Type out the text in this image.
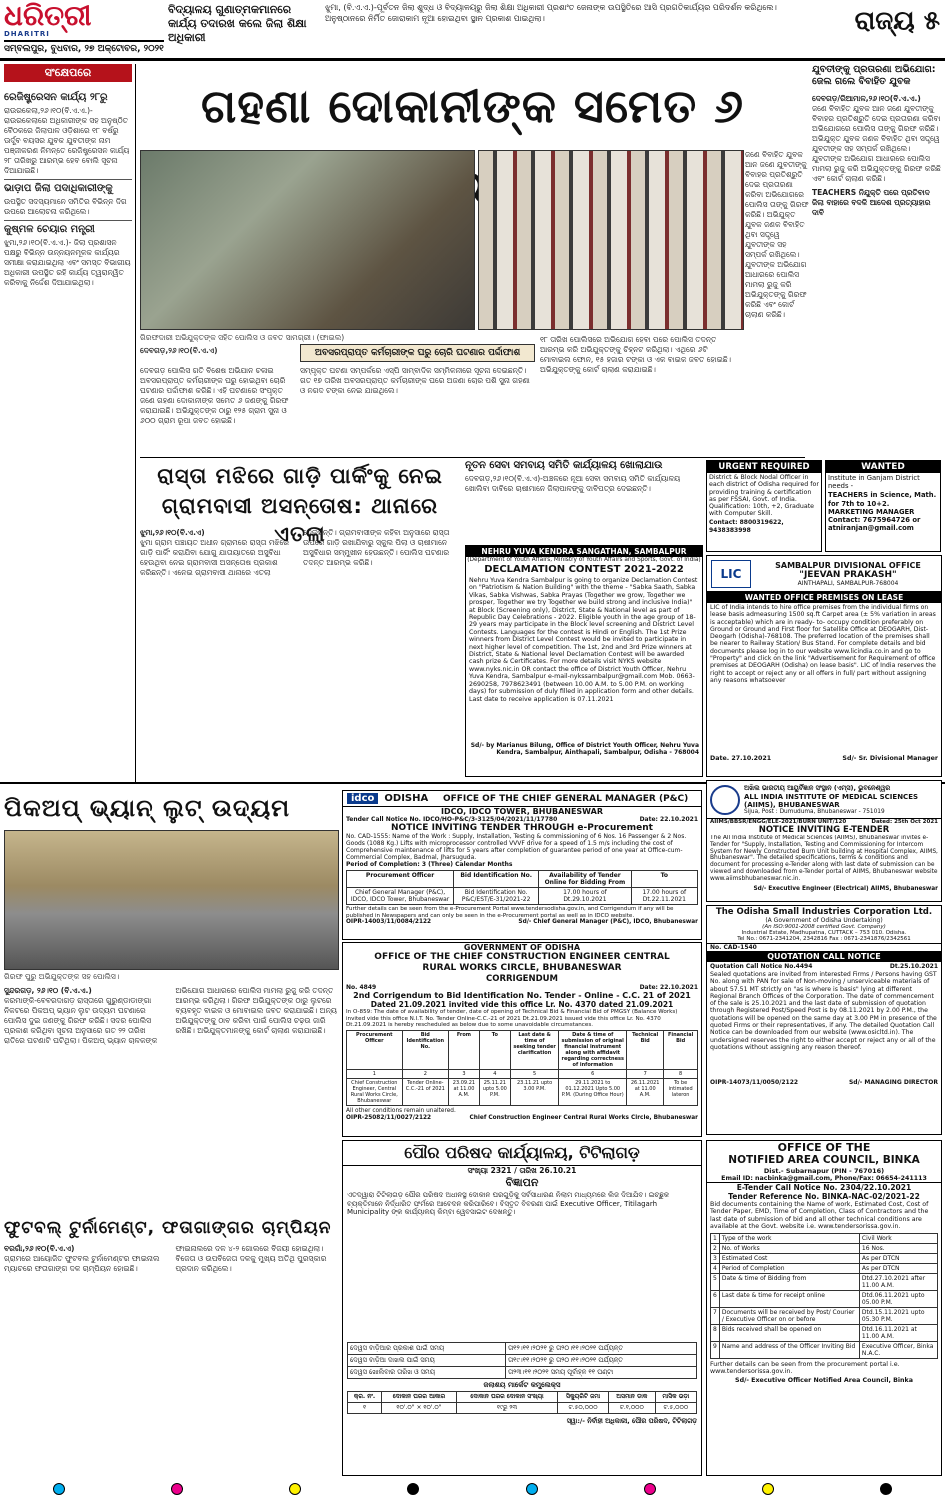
ଧରିତ୍ରୀ
DHARITRI
ସମ୍ବଲପୁର, ବୁଧବାର, ୨୭ ଅକ୍ଟୋବର, ୨୦୨୧
ବିଦ୍ୟାଳୟ ଗୁଣାତ୍ମକମାନରେ କାର୍ଯ୍ୟ ତଦାରଖ କଲେ ଜିଲା ଶିକ୍ଷା ଅଧିକାରୀ
ଝୁମା, (ବି.ଏ.ଏ.)-ପୂର୍ବତନ ଜିଲା ଶୁଦ୍ଧ ଓ ବିଦ୍ୟାଳୟରୁ ଜିଲା ଶିକ୍ଷା ଅଧିକାରୀ ପ୍ରଶାଂତ ଜେନାଙ୍କ ଉପସ୍ଥିତିରେ ଆସି ପ୍ରଗତିକାର୍ଯ୍ୟର ପରିଦର୍ଶନ କରିଥିଲେ। ଅନୁଷ୍ଠାନରେ ନିର୍ମିତ ଜୋରାକାମ ନୂଆ ହୋଇଥିବା ସ୍ଥାନ ପ୍ରକାଶ ପାଇଥିଲା।	ରାଜ୍ୟ ୫
ସଂକ୍ଷେପରେ
ରେଜିଷ୍ଟ୍ରେସନ କାର୍ଯ୍ୟ ୨୮ରୁ
ରାଉରକେଲା,୨୬।୧୦(ବି.ଏ.ଏ.)- ରାଉରକେଲାରେ ଅଧିକାରୀଙ୍କ ସହ ଅନୁଷ୍ଠିତ ବୈଠକରେ ଜିଲାପାଳ ଓଡ଼ିଶାରେ ୧୮ ବର୍ଷରୁ ଊର୍ଦ୍ଧ୍ବ ବୟସର ଯୁବକ ଯୁବତୀଙ୍କ ନାମ ପଞ୍ଜୀକରଣ ନିମନ୍ତେ ରେଜିଷ୍ଟ୍ରେସନ କାର୍ଯ୍ୟ ୨୮ ତାରିଖରୁ ଆରମ୍ଭ ହେବ ବୋଲି ସୂଚନା ଦିଆଯାଇଛି।
ଭାଡ଼ାପ ଜିଲା ପଦାଧିକାରୀଙ୍କୁ
ଉପସ୍ଥିତ ସଦସ୍ୟମାନେ ସମିତିର ବିଭିନ୍ନ ଦିଗ ଉପରେ ଆଲୋଚନା କରିଥିଲେ।
କୁଷ୍ମଳ ଚେୟାର ମନ୍ତ୍ରୀ
ଝୁମା,୨୬।୧୦(ବି.ଏ.ଏ.)- ଜିଲା ପ୍ରଶାସନ ପକ୍ଷରୁ ବିଭିନ୍ନ ଉନ୍ନୟନମୂଳକ କାର୍ଯ୍ୟର ସମୀକ୍ଷା କରାଯାଇଥିଲା ଏବଂ ସମସ୍ତ ବିଭାଗୀୟ ଅଧିକାରୀ ଉପସ୍ଥିତ ରହି କାର୍ଯ୍ୟ ତ୍ୱରାନ୍ୱିତ କରିବାକୁ ନିର୍ଦ୍ଦେଶ ଦିଆଯାଇଥିଲା।
ଗହଣା ଦୋକାନୀଙ୍କ ସମେତ ୬
ଗିରଫଦାରୀ ଅଭିଯୁକ୍ତଙ୍କ ସହିତ ପୋଲିସ ଓ ଜବତ ସାମଗ୍ରୀ। (ଫାଇଲ)
ଦେବଗଡ଼,୨୬।୧୦(ବି.ଏ.ଏ)	ଅବସରପ୍ରାପ୍ତ କର୍ମଚାରୀଙ୍କ ଘରୁ ଚୋରି ଘଟଣାର ପର୍ଦ୍ଦାଫାଶ
ଦେବଗଡ଼ ପୋଲିସ ଗତି ବିଶେଷ ଅଭିଯାନ ଚଳାଇ ଅବସରପ୍ରାପ୍ତ କର୍ମଚାରୀଙ୍କ ଘରୁ ହୋଇଥିବା ଚୋରି ଘଟଣାର ପର୍ଦ୍ଦାଫାଶ କରିଛି। ଏହି ଘଟଣାରେ ସଂପୃକ୍ତ ଜଣେ ଗହଣା ଦୋକାନୀଙ୍କ ସମେତ ୬ ଜଣଙ୍କୁ ଗିରଫ କରାଯାଇଛି। ଅଭିଯୁକ୍ତଙ୍କ ଠାରୁ ୧୨୫ ଗ୍ରାମ ସୁନା ଓ ୬୦୦ ଗ୍ରାମ ରୂପା ଜବତ ହୋଇଛି।
ସମ୍ପୃକ୍ତ ଘଟଣା ସମ୍ପର୍କରେ ଏସ୍‌ପି ସାମ୍ବାଦିକ ସମ୍ମିଳନୀରେ ସୂଚନା ଦେଇଛନ୍ତି। ଗତ ୧୭ ତାରିଖ ଅବସରପ୍ରାପ୍ତ କର୍ମଚାରୀଙ୍କ ଘରେ ଅଜଣା ଚୋର ପଶି ସୁନା ଗହଣା ଓ ନଗଦ ଟଙ୍କା ନେଇ ଯାଇଥିଲେ।
୧୮ ତାରିଖ ପୋଲିସରେ ଅଭିଯୋଗ ହେବା ପରେ ପୋଲିସ ତଦନ୍ତ ଆରମ୍ଭ କରି ଅଭିଯୁକ୍ତଙ୍କୁ ଚିହ୍ନଟ କରିଥିଲା। ଏଥିରେ ୬ଟି ମୋବାଇଲ ଫୋନ, ୧୫ ହଜାର ଟଙ୍କା ଓ ଏକ ବାଇକ ଜବତ ହୋଇଛି। ଅଭିଯୁକ୍ତଙ୍କୁ କୋର୍ଟ ଚାଲାଣ କରାଯାଇଛି।
ଯୁବତୀଙ୍କୁ ପ୍ରତାରଣା ଅଭିଯୋଗ: ଜେଲ ଗଲେ ବିବାହିତ ଯୁବକ
ଦେବଗଡ଼/ରିଆମାଳ,୨୬।୧୦(ବି.ଏ.ଏ.)
ଜଣେ ବିବାହିତ ଯୁବକ ଆନ ଜଣେ ଯୁବତୀଙ୍କୁ ବିବାହର ପ୍ରତିଶ୍ରୁତି ଦେଇ ପ୍ରତାରଣା କରିବା ଅଭିଯୋଗରେ ପୋଲିସ ତାଙ୍କୁ ଗିରଫ କରିଛି। ଅଭିଯୁକ୍ତ ଯୁବକ ଜଣକ ବିବାହିତ ଥିବା ସତ୍ତ୍ୱେ ଯୁବତୀଙ୍କ ସହ ସମ୍ପର୍କ ରଖିଥିଲେ। ଯୁବତୀଙ୍କ ଅଭିଯୋଗ ଆଧାରରେ ପୋଲିସ ମାମଲା ରୁଜୁ କରି ଅଭିଯୁକ୍ତଙ୍କୁ ଗିରଫ କରିଛି ଏବଂ କୋର୍ଟ ଚାଲାଣ କରିଛି।
TEACHERS ନିଯୁକ୍ତି ପରେ ପ୍ରତିବାଦ
ଜିଲା ବାହାରେ ବଦଳି ଆଦେଶ ପ୍ରତ୍ୟାହାର ଦାବି
ଜଣେ ବିବାହିତ ଯୁବକ ଆନ ଜଣେ ଯୁବତୀଙ୍କୁ ବିବାହର ପ୍ରତିଶ୍ରୁତି ଦେଇ ପ୍ରତାରଣା କରିବା ଅଭିଯୋଗରେ ପୋଲିସ ତାଙ୍କୁ ଗିରଫ କରିଛି। ଅଭିଯୁକ୍ତ ଯୁବକ ଜଣକ ବିବାହିତ ଥିବା ସତ୍ତ୍ୱେ ଯୁବତୀଙ୍କ ସହ ସମ୍ପର୍କ ରଖିଥିଲେ। ଯୁବତୀଙ୍କ ଅଭିଯୋଗ ଆଧାରରେ ପୋଲିସ ମାମଲା ରୁଜୁ କରି ଅଭିଯୁକ୍ତଙ୍କୁ ଗିରଫ କରିଛି ଏବଂ କୋର୍ଟ ଚାଲାଣ କରିଛି।
ରାସ୍ତା ମଝିରେ ଗାଡ଼ି ପାର୍କିଂକୁ ନେଇ
ଗ୍ରାମବାସୀ ଅସନ୍ତୋଷ: ଥାନାରେ ଏତଲା
ଝୁମା,୨୬।୧୦(ବି.ଏ.ଏ)
ଝୁମା ଗ୍ରାମ ପଞ୍ଚାୟତ ଅଧୀନ ଗ୍ରାମରେ ରାସ୍ତା ମଝିରେ ଗାଡ଼ି ପାର୍କିଂ କରାଯିବା ଯୋଗୁ ଯାତାୟାତରେ ଅସୁବିଧା ହେଉଥିବା ନେଇ ଗ୍ରାମବାସୀ ଅସନ୍ତୋଷ ପ୍ରକାଶ କରିଛନ୍ତି। ଏନେଇ ଗ୍ରାମବାସୀ ଥାନାରେ ଏତଲା ଦେଇଛନ୍ତି। ଗ୍ରାମବାସୀଙ୍କ କହିବା ଅନୁସାରେ ରାସ୍ତା ଉପରେ ଗାଡ଼ି ରଖାଯିବାରୁ ସ୍କୁଲ ପିଲା ଓ ଚାଷୀମାନେ ଅସୁବିଧାର ସମ୍ମୁଖୀନ ହେଉଛନ୍ତି। ପୋଲିସ ଘଟଣାର ତଦନ୍ତ ଆରମ୍ଭ କରିଛି।
ନୂତନ ସେବା ସମବାୟ ସମିତି କାର୍ଯ୍ୟାଳୟ ଖୋଲାଯାଉ
ଦେବଗଡ଼,୨୬।୧୦(ବି.ଏ.ଏ)-ଅଞ୍ଚଳରେ ନୂଆ ସେବା ସମବାୟ ସମିତି କାର୍ଯ୍ୟାଳୟ ଖୋଲିବା ଦାବିରେ ଚାଷୀମାନେ ଜିଲାପାଳଙ୍କୁ ଦାବିପତ୍ର ଦେଇଛନ୍ତି।
URGENT REQUIRED
District & Block Nodal Officer in each district of Odisha required for providing training & certification as per FSSAI, Govt. of India. Qualification: 10th, +2, Graduate with Computer Skill.
Contact: 8800319622, 9438383998
WANTED
Institute in Ganjam District needs -
TEACHERS in Science, Math. for 7th to 10+2.
MARKETING MANAGER
Contact: 7675964726 or atniranjan@gmail.com
NEHRU YUVA KENDRA SANGATHAN, SAMBALPUR
(Department of Youth Affairs, Ministry of Youth Affairs and Sports, Govt. of India)
DECLAMATION CONTEST 2021-2022
Nehru Yuva Kendra Sambalpur is going to organize Declamation Contest on "Patriotism & Nation Building" with the theme - "Sabka Saath, Sabka Vikas, Sabka Vishwas, Sabka Prayas (Together we grow, Together we prosper, Together we try Together we build strong and inclusive India)" at Block (Screening only), District, State & National level as part of Republic Day Celebrations - 2022. Eligible youth in the age group of 18-29 years may participate in the Block level screening and District Level Contests. Languages for the contest is Hindi or English. The 1st Prize winners from District Level Contest would be invited to participate in next higher level of competition. The 1st, 2nd and 3rd Prize winners at District, State & National level Declamation Contest will be awarded cash prize & Certificates. For more details visit NYKS website www.nyks.nic.in OR contact the office of District Youth Officer, Nehru Yuva Kendra, Sambalpur e-mail-nykssambalpur@gmail.com Mob. 0663-2690258, 7978623491 (between 10.00 A.M. to 5.00 P.M. on working days) for submission of duly filled in application form and other details. Last date to receive application is 07.11.2021
Sd/- by Marianus Bilung, Office of District Youth Officer, Nehru Yuva Kendra, Sambalpur, Ainthapali, Sambalpur, Odisha - 768004
LIC
SAMBALPUR DIVISIONAL OFFICE
"JEEVAN PRAKASH"
AINTHAPALI, SAMBALPUR-768004
WANTED OFFICE PREMISES ON LEASE
LIC of India intends to hire office premises from the individual firms on lease basis admeasuring 1500 sq.ft Carpet area (± 5% variation in areas is acceptable) which are in ready- to- occupy condition preferably on Ground or Ground and First floor for Satellite Office at DEOGARH, Dist- Deogarh (Odisha)-768108. The preferred location of the premises shall be nearer to Railway Station/ Bus Stand. For complete details and bid documents please log in to our website www.licindia.co.in and go to "Property" and click on the link "Advertisement for Requirement of office premises at DEOGARH (Odisha) on lease basis". LIC of India reserves the right to accept or reject any or all offers in full/ part without assigning any reasons whatsoever
Date. 27.10.2021	Sd/- Sr. Divisional Manager
ପିକଅପ୍ ଭ୍ୟାନ୍ ଲୁଟ୍ ଉଦ୍ୟମ
ଗିରଫ ପୁରୁ ଅଭିଯୁକ୍ତଙ୍କ ସହ ପୋଲିସ।
ସୁନ୍ଦରଗଡ଼, ୨୬।୧୦ (ବି.ଏ.ଏ.)
କରମାଙ୍କି-ବେବରଦାଗଡ଼ ରାସ୍ତାରେ ଗୁରୁଣ୍ଡାଡାଙ୍ଗା ନିକଟରେ ପିକଅପ୍ ଭ୍ୟାନ ଲୁଟ ଉଦ୍ୟମ ଘଟଣାରେ ପୋଲିସ ଦୁଇ ଜଣଙ୍କୁ ଗିରଫ କରିଛି। ସଦର ପୋଲିସ ପ୍ରକାଶ କରିଥିବା ସୂଚନା ଅନୁସାରେ ଗତ ୨୨ ତାରିଖ ରାତିରେ ଘଟଣାଟି ଘଟିଥିଲା। ପିକଅପ୍ ଭ୍ୟାନ ଚାଳକଙ୍କ ଅଭିଯୋଗ ଆଧାରରେ ପୋଲିସ ମାମଲା ରୁଜୁ କରି ତଦନ୍ତ ଆରମ୍ଭ କରିଥିଲା। ଗିରଫ ଅଭିଯୁକ୍ତଙ୍କ ଠାରୁ ଲୁଟରେ ବ୍ୟବହୃତ ବାଇକ ଓ ମୋବାଇଲ ଜବତ କରାଯାଇଛି। ଅନ୍ୟ ଅଭିଯୁକ୍ତଙ୍କୁ ଠାବ କରିବା ପାଇଁ ପୋଲିସ ଚଢ଼ଉ ଜାରି ରଖିଛି। ଅଭିଯୁକ୍ତମାନଙ୍କୁ କୋର୍ଟ ଚାଲାଣ କରାଯାଇଛି।
ଫୁଟବଲ୍ ଟୁର୍ନାମେଣ୍ଟ, ଫତାଗାଙ୍ଗର ଚାମ୍ପିୟନ
ବରଗାଁ,୨୬।୧୦(ବି.ଏ.ଏ)
ଗ୍ରାମରେ ଆୟୋଜିତ ଫୁଟବଲ ଟୁର୍ନାମେଣ୍ଟର ଫାଇନାଲ ମ୍ୟାଚରେ ଫତାଗାଙ୍ଗ ଦଳ ଚାମ୍ପିୟନ ହୋଇଛି। ଫାଇନାଲରେ ଦଳ ୪-୨ ଗୋଲରେ ବିଜୟୀ ହୋଇଥିଲା। ବିଜେତା ଓ ଉପବିଜେତା ଦଳକୁ ମୁଖ୍ୟ ଅତିଥି ପୁରସ୍କାର ପ୍ରଦାନ କରିଥିଲେ।
idco	ODISHA	OFFICE OF THE CHIEF GENERAL MANAGER (P&C)
IDCO, IDCO TOWER, BHUBANESWAR
Tender Call Notice No. IDCO/HO-P&C/3-3125/04/2021/11/17780	Date: 22.10.2021
NOTICE INVITING TENDER THROUGH e-Procurement
No. CAD-1555: Name of the Work : Supply, Installation, Testing & commissioning of 6 Nos. 16 Passenger & 2 Nos. Goods (1088 Kg.) Lifts with microprocessor controlled VVVF drive for a speed of 1.5 m/s including the cost of Comprehensive maintenance of lifts for 5 years after completion of guarantee period of one year at Office-cum-Commercial Complex, Badmal, Jharsuguda.
Period of Completion: 3 (Three) Calendar Months
Procurement Officer	Bid Identification No.	Availability of Tender Online for Bidding From	To
Chief General Manager (P&C), IDCO, IDCO Tower, Bhubaneswar	Bid Identification No. P&C/EST/E-31/2021-22	17.00 hours of Dt.29.10.2021	17.00 hours of Dt.22.11.2021
Further details can be seen from the e-Procurement Portal www.tendersodisha.gov.in, and Corrigendum if any will be published in Newspapers and can only be seen in the e-Procurement portal as well as in IDCO website.
OIPR-14003/11/0084/2122	Sd/- Chief General Manager (P&C), IDCO, Bhubaneswar
ଅଖିଲ ଭାରତୀୟ ଆୟୁର୍ବିଜ୍ଞାନ ସଂସ୍ଥାନ (ଏମ୍ସ), ଭୁବନେଶ୍ୱର
ALL INDIA INSTITUTE OF MEDICAL SCIENCES (AIIMS), BHUBANESWAR
Sijua, Post : Dumuduma, Bhubaneswar - 751019
AIIMS/BBSR/ENGG/ELE-2021/BURN UNIT/120	Dated: 25th Oct 2021
NOTICE INVITING E-TENDER
The All India Institute of Medical Sciences (AIIMS), Bhubaneswar invites e-Tender for "Supply, Installation, Testing and Commissioning for Intercom System for Newly Constructed Burn Unit building at Hospital Complex, AIIMS, Bhubaneswar". The detailed specifications, terms & conditions and document for processing e-Tender along with last date of submission can be viewed and downloaded from e-Tender portal of AIIMS, Bhubaneswar website www.aiimsbhubaneswar.nic.in.
Sd/- Executive Engineer (Electrical) AIIMS, Bhubaneswar
The Odisha Small Industries Corporation Ltd.
(A Government of Odisha Undertaking)
(An ISO:9001-2008 certified Govt. Company)
Industrial Estate, Madhupatna, CUTTACK – 753 010. Odisha.
Tel No.: 0671-2341204, 2342816 Fax : 0671-2341876/2342561
No. CAD-1540
QUOTATION CALL NOTICE
Quotation Call Notice No.4494	Dt.25.10.2021
Sealed quotations are invited from interested Firms / Persons having GST No. along with PAN for sale of Non-moving / unserviceable materials of about 57.51 MT strictly on "as is where is basis" lying at different Regional Branch Offices of the Corporation. The date of commencement of the sale is 25.10.2021 and the last date of submission of quotation through Registered Post/Speed Post is by 08.11.2021 by 2.00 P.M., the quotations will be opened on the same day at 3.00 PM in presence of the quoted Firms or their representatives, if any. The detailed Quotation Call Notice can be downloaded from our website (www.osicltd.in). The undersigned reserves the right to either accept or reject any or all of the quotations without assigning any reason thereof.
OIPR-14073/11/0050/2122	Sd/- MANAGING DIRECTOR
GOVERNMENT OF ODISHA
OFFICE OF THE CHIEF CONSTRUCTION ENGINEER CENTRAL RURAL WORKS CIRCLE, BHUBANESWAR
CORRIGENDUM
No. 4849	Date: 22.10.2021
2nd Corrigendum to Bid Identification No. Tender - Online - C.C. 21 of 2021
Dated 21.09.2021 invited vide this office Lr. No. 4370 dated 21.09.2021
In O-859: The date of availability of tender, date of opening of Technical Bid & Financial Bid of PMGSY (Balance Works) invited vide this office N.I.T. No. Tender Online-C.C.-21 of 2021 Dt.21.09.2021 issued vide this office Lr. No. 4370 Dt.21.09.2021 is hereby rescheduled as below due to some unavoidable circumstances.
Procurement Officer	Bid Identification No.	From	To	Last date & time of seeking tender clarification	Date & time of submission of original financial instrument along with affidavit regarding correctness of information	Technical Bid	Financial Bid
1	2	3	4	5	6	7	8
Chief Construction Engineer, Central Rural Works Circle, Bhubaneswar	Tender Online-C.C.-21 of 2021	23.09.21 at 11.00 A.M.	25.11.21 upto 5.00 P.M.	23.11.21 upto 3.00 P.M.	29.11.2021 to 01.12.2021 Upto 5.00 P.M. (During Office Hour)	26.11.2021 at 11.00 A.M.	To be intimated lateron
All other conditions remain unaltered.
OIPR-25082/11/0027/2122	Chief Construction Engineer Central Rural Works Circle, Bhubaneswar
ପୌର ପରିଷଦ କାର୍ଯ୍ୟାଳୟ, ଟିଟିଲାଗଡ଼
ସଂଖ୍ୟା 2321 / ତାରିଖ 26.10.21
ବିଜ୍ଞାପନ
ଏତଦ୍ୱାରା ଟିଟିଲାଗଡ଼ ପୌର ପରିଷଦ ଅଧୀନସ୍ଥ ଦୋକାନ ଘରଗୁଡ଼ିକୁ ସର୍ବସାଧାରଣ ନିଲାମ ମାଧ୍ୟମରେ ଲିଜ ଦିଆଯିବ। ଇଚ୍ଛୁକ ବ୍ୟକ୍ତିମାନେ ନିର୍ଦ୍ଧାରିତ ଫର୍ମରେ ଆବେଦନ କରିପାରିବେ। ବିସ୍ତୃତ ବିବରଣୀ ପାଇଁ Executive Officer, Titilagarh Municipality ଙ୍କ କାର୍ଯ୍ୟାଳୟ କିମ୍ବା ୱେବସାଇଟ ଦେଖନ୍ତୁ।
ଦେୱସ ବାଡ଼ିଆର ପ୍ରକାଶ ପାଇଁ ସମୟ	ତା୧୨।୧୧।୨୦୨୧ ରୁ ତା୨୦।୧୧।୨୦୨୧ ପର୍ଯ୍ୟନ୍ତ
ଦେୱସ ବାଡ଼ିଆ ଦାଖଲ ପାଇଁ ସମୟ	ତା୧୯।୧୧।୨୦୨୧ ରୁ ତା୨୦।୧୧।୨୦୨୧ ପର୍ଯ୍ୟନ୍ତ
ଦେୱସ ଖୋଲିବାର ତାରିଖ ଓ ସମୟ	ତା୨୩।୧୧।୨୦୨୧ ସମୟ ପୂର୍ବାହ୍ନ ୧୧ ଘଣ୍ଟା
ଜଲାଶୟ ମାର୍କେଟ କମ୍ପ୍ଲେକ୍ସ
କ୍ର. ନଂ.	ଦୋକାନ ଘରର ଆକାର	ଦୋକାନ ଘରର ଦୋକାନ ସଂଖ୍ୟା	ସିକ୍ୟୁରିଟି ଜମା	ଅସମାନ ଡାକ	ମାସିକ ଭଡ଼ା
୧	୧୦'.୦" × ୧୦'.୦"	୧୯ରୁ ୨୩	ଟ.୫୦,୦୦୦	ଟ.୧,୦୦୦	ଟ.୫,୦୦୦
ସ୍ୱା:/- ନିର୍ବାହୀ ଅଧିକାରୀ, ପୌର ପରିଷଦ, ଟିଟିଲାଗଡ଼
OFFICE OF THE
NOTIFIED AREA COUNCIL, BINKA
Dist.- Subarnapur (PIN - 767016)
Email ID: nacbinka@gmail.com, Phone/Fax: 06654-241113
E-Tender Call Notice No. 2304/22.10.2021
Tender Reference No. BINKA-NAC-02/2021-22
Bid documents containing the Name of work, Estimated Cost, Cost of Tender Paper, EMD, Time of Completion, Class of Contractors and the last date of submission of bid and all other technical conditions are available at the Govt. website i.e. www.tendersorissa.gov.in.
1	Type of the work	Civil Work
2	No. of Works	16 Nos.
3	Estimated Cost	As per DTCN
4	Period of Completion	As per DTCN
5	Date & time of Bidding from	Dtd.27.10.2021 after 11.00 A.M.
6	Last date & time for receipt online	Dtd.06.11.2021 upto 05.00 P.M.
7	Documents will be received by Post/ Courier / Executive Officer on or before	Dtd.15.11.2021 upto 05.30 P.M.
8	Bids received shall be opened on	Dtd.16.11.2021 at 11.00 A.M.
9	Name and address of the Officer Inviting Bid	Executive Officer, Binka N.A.C.
Further details can be seen from the procurement portal i.e. www.tendersorissa.gov.in.
Sd/- Executive Officer Notified Area Council, Binka
